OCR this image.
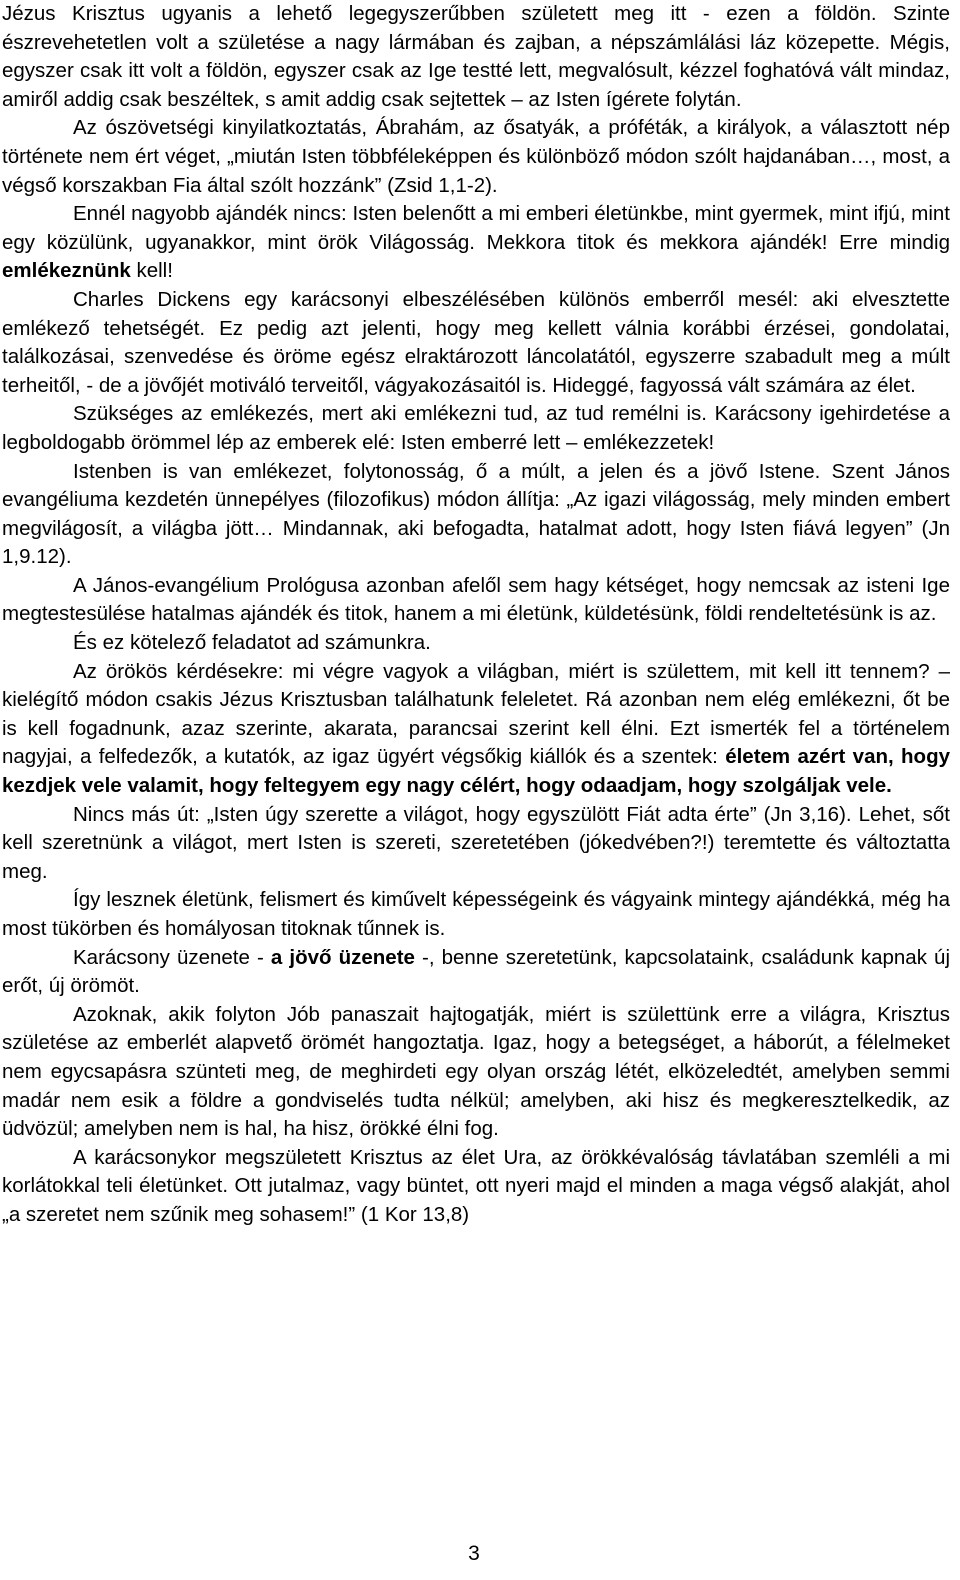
Jézus Krisztus ugyanis a lehető legegyszerűbben született meg itt - ezen a földön. Szinte észrevehetetlen volt a születése a nagy lármában és zajban, a népszámlálási láz közepette. Mégis, egyszer csak itt volt a földön, egyszer csak az Ige testté lett, megvalósult, kézzel foghatóvá vált mindaz, amiről addig csak beszéltek, s amit addig csak sejtettek – az Isten ígérete folytán.

Az ószövetségi kinyilatkoztatás, Ábrahám, az ősatyák, a próféták, a királyok, a választott nép története nem ért véget, „miután Isten többféleképpen és különböző módon szólt hajdanában…, most, a végső korszakban Fia által szólt hozzánk” (Zsid 1,1-2).

Ennél nagyobb ajándék nincs: Isten belenőtt a mi emberi életünkbe, mint gyermek, mint ifjú, mint egy közülünk, ugyanakkor, mint örök Világosság. Mekkora titok és mekkora ajándék! Erre mindig emlékeznünk kell!

Charles Dickens egy karácsonyi elbeszélésében különös emberről mesél: aki elvesztette emlékező tehetségét. Ez pedig azt jelenti, hogy meg kellett válnia korábbi érzései, gondolatai, találkozásai, szenvedése és öröme egész elraktározott láncolatától, egyszerre szabadult meg a múlt terheitől, - de a jövőjét motiváló terveitől, vágyakozásaitól is. Hideggé, fagyossá vált számára az élet.

Szükséges az emlékezés, mert aki emlékezni tud, az tud remélni is. Karácsony igehirdetése a legboldogabb örömmel lép az emberek elé: Isten emberré lett – emlékezzetek!

Istenben is van emlékezet, folytonosság, ő a múlt, a jelen és a jövő Istene. Szent János evangéliuma kezdetén ünnepélyes (filozofikus) módon állítja: „Az igazi világosság, mely minden embert megvilágosít, a világba jött… Mindannak, aki befogadta, hatalmat adott, hogy Isten fiává legyen” (Jn 1,9.12).

A János-evangélium Prológusa azonban afelől sem hagy kétséget, hogy nemcsak az isteni Ige megtestesülése hatalmas ajándék és titok, hanem a mi életünk, küldetésünk, földi rendeltetésünk is az.

És ez kötelező feladatot ad számunkra.

Az örökös kérdésekre: mi végre vagyok a világban, miért is születtem, mit kell itt tennem? – kielégítő módon csakis Jézus Krisztusban találhatunk feleletet. Rá azonban nem elég emlékezni, őt be is kell fogadnunk, azaz szerinte, akarata, parancsai szerint kell élni. Ezt ismerték fel a történelem nagyjai, a felfedezők, a kutatók, az igaz ügyért végsőkig kiállók és a szentek: életem azért van, hogy kezdjek vele valamit, hogy feltegyem egy nagy célért, hogy odaadjam, hogy szolgáljak vele.

Nincs más út: „Isten úgy szerette a világot, hogy egyszülött Fiát adta érte” (Jn 3,16). Lehet, sőt kell szeretnünk a világot, mert Isten is szereti, szeretetében (jókedvében?!) teremtette és változtatta meg.

Így lesznek életünk, felismert és kiművelt képességeink és vágyaink mintegy ajándékká, még ha most tükörben és homályosan titoknak tűnnek is.

Karácsony üzenete - a jövő üzenete -, benne szeretetünk, kapcsolataink, családunk kapnak új erőt, új örömöt.

Azoknak, akik folyton Jób panaszait hajtogatják, miért is születtünk erre a világra, Krisztus születése az emberlét alapvető örömét hangoztatja. Igaz, hogy a betegséget, a háborút, a félelmeket nem egycsapásra szünteti meg, de meghirdeti egy olyan ország létét, elközeledtét, amelyben semmi madár nem esik a földre a gondviselés tudta nélkül; amelyben, aki hisz és megkeresztelkedik, az üdvözül; amelyben nem is hal, ha hisz, örökké élni fog.

A karácsonykor megszületett Krisztus az élet Ura, az örökkévalóság távlatában szemléli a mi korlátokkal teli életünket. Ott jutalmaz, vagy büntet, ott nyeri majd el minden a maga végső alakját, ahol „a szeretet nem szűnik meg sohasem!” (1 Kor 13,8)

3
